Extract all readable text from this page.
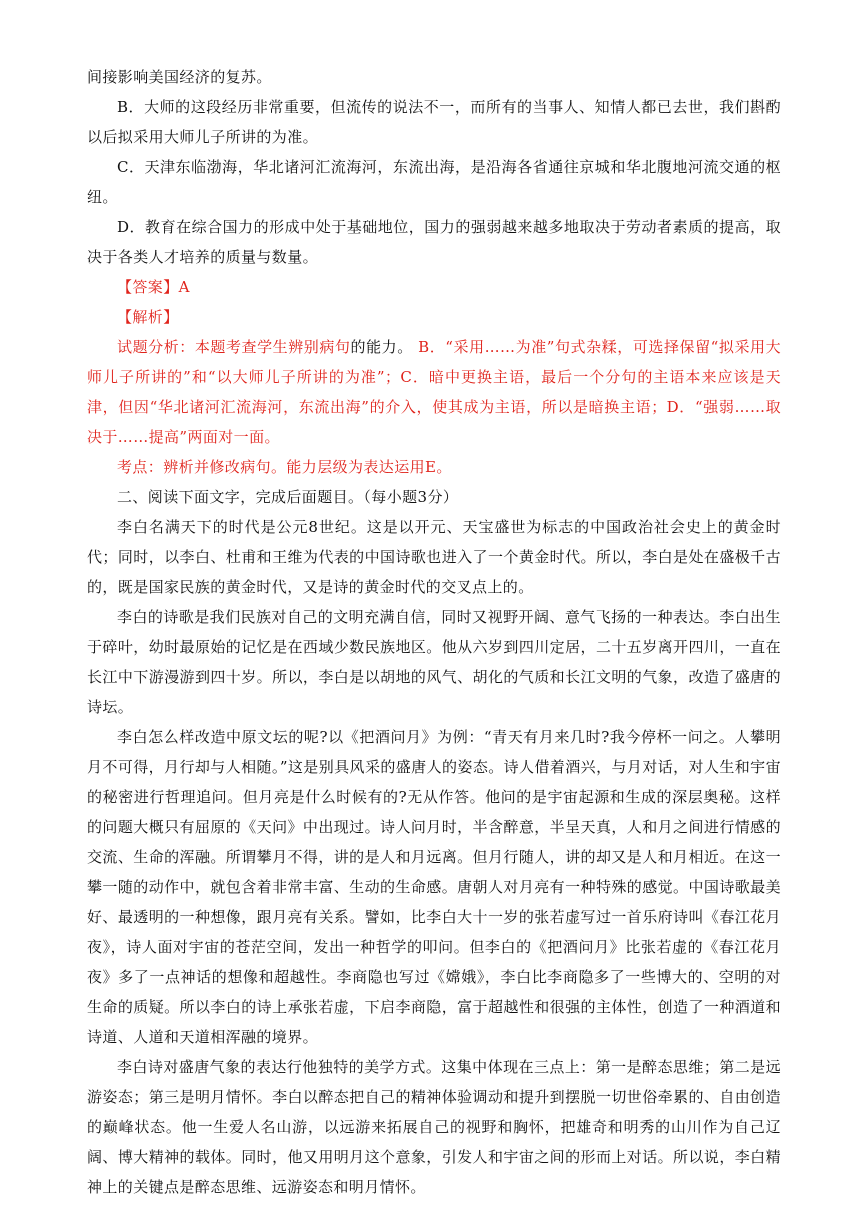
间接影响美国经济的复苏。

B．大师的这段经历非常重要，但流传的说法不一，而所有的当事人、知情人都已去世，我们斟酌以后拟采用大师儿子所讲的为准。

C．天津东临渤海，华北诸河汇流海河，东流出海，是沿海各省通往京城和华北腹地河流交通的枢纽。

D．教育在综合国力的形成中处于基础地位，国力的强弱越来越多地取决于劳动者素质的提高，取决于各类人才培养的质量与数量。

【答案】A

【解析】

试题分析：本题考查学生辨别病句的能力。 B．“采用……为准”句式杂糅，可选择保留“拟采用大师儿子所讲的”和“以大师儿子所讲的为准”；C．暗中更换主语，最后一个分句的主语本来应该是天津，但因“华北诸河汇流海河，东流出海”的介入，使其成为主语，所以是暗换主语；D．“强弱……取决于……提高”两面对一面。

考点：辨析并修改病句。能力层级为表达运用E。

二、阅读下面文字，完成后面题目。（每小题3分）

李白名满天下的时代是公元8世纪。这是以开元、天宝盛世为标志的中国政治社会史上的黄金时代；同时，以李白、杜甫和王维为代表的中国诗歌也进入了一个黄金时代。所以，李白是处在盛极千古的，既是国家民族的黄金时代，又是诗的黄金时代的交叉点上的。

李白的诗歌是我们民族对自己的文明充满自信，同时又视野开阔、意气飞扬的一种表达。李白出生于碎叶，幼时最原始的记忆是在西域少数民族地区。他从六岁到四川定居，二十五岁离开四川，一直在长江中下游漫游到四十岁。所以，李白是以胡地的风气、胡化的气质和长江文明的气象，改造了盛唐的诗坛。

李白怎么样改造中原文坛的呢?以《把酒问月》为例：“青天有月来几时?我今停杯一问之。人攀明月不可得，月行却与人相随。”这是别具风采的盛唐人的姿态。诗人借着酒兴，与月对话，对人生和宇宙的秘密进行哲理追问。但月亮是什么时候有的?无从作答。他问的是宇宙起源和生成的深层奥秘。这样的问题大概只有屈原的《天问》中出现过。诗人问月时，半含醉意，半呈天真，人和月之间进行情感的交流、生命的浑融。所谓攀月不得，讲的是人和月远离。但月行随人，讲的却又是人和月相近。在这一攀一随的动作中，就包含着非常丰富、生动的生命感。唐朝人对月亮有一种特殊的感觉。中国诗歌最美好、最透明的一种想像，跟月亮有关系。譬如，比李白大十一岁的张若虚写过一首乐府诗叫《春江花月夜》，诗人面对宇宙的苍茫空间，发出一种哲学的叩问。但李白的《把酒问月》比张若虚的《春江花月夜》多了一点神话的想像和超越性。李商隐也写过《嫦娥》，李白比李商隐多了一些博大的、空明的对生命的质疑。所以李白的诗上承张若虚，下启李商隐，富于超越性和很强的主体性，创造了一种酒道和诗道、人道和天道相浑融的境界。

李白诗对盛唐气象的表达行他独特的美学方式。这集中体现在三点上：第一是醉态思维；第二是远游姿态；第三是明月情怀。李白以醉态把自己的精神体验调动和提升到摆脱一切世俗牵累的、自由创造的巅峰状态。他一生爱人名山游，以远游来拓展自己的视野和胸怀，把雄奇和明秀的山川作为自己辽阔、博大精神的载体。同时，他又用明月这个意象，引发人和宇宙之间的形而上对话。所以说，李白精神上的关键点是醉态思维、远游姿态和明月情怀。
